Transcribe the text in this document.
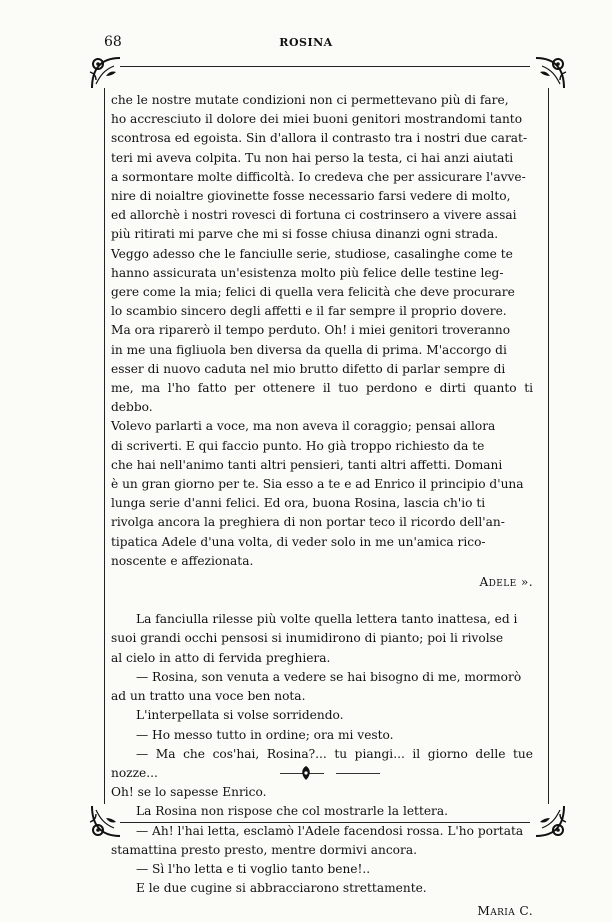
68	ROSINA

che le nostre mutate condizioni non ci permettevano più di fare,

ho accresciuto il dolore dei miei buoni genitori mostrandomi tanto

scontrosa ed egoista. Sin d'allora il contrasto tra i nostri due carat-

teri mi aveva colpita. Tu non hai perso la testa, ci hai anzi aiutati

a sormontare molte difficoltà. Io credeva che per assicurare l'avve-

nire di noialtre giovinette fosse necessario farsi vedere di molto,

ed allorchè i nostri rovesci di fortuna ci costrinsero a vivere assai

più ritirati mi parve che mi si fosse chiusa dinanzi ogni strada.

Veggo adesso che le fanciulle serie, studiose, casalinghe come te

hanno assicurata un'esistenza molto più felice delle testine leg-

gere come la mia; felici di quella vera felicità che deve procurare

lo scambio sincero degli affetti e il far sempre il proprio dovere.

Ma ora riparerò il tempo perduto. Oh! i miei genitori troveranno

in me una figliuola ben diversa da quella di prima. M'accorgo di

esser di nuovo caduta nel mio brutto difetto di parlar sempre di

me, ma l'ho fatto per ottenere il tuo perdono e dirti quanto ti debbo.

Volevo parlarti a voce, ma non aveva il coraggio; pensai allora

di scriverti. E qui faccio punto. Ho già troppo richiesto da te

che hai nell'animo tanti altri pensieri, tanti altri affetti. Domani

è un gran giorno per te. Sia esso a te e ad Enrico il principio d'una

lunga serie d'anni felici. Ed ora, buona Rosina, lascia ch'io ti

rivolga ancora la preghiera di non portar teco il ricordo dell'an-

tipatica Adele d'una volta, di veder solo in me un'amica rico-

noscente e affezionata.

Adele ».

La fanciulla rilesse più volte quella lettera tanto inattesa, ed i

suoi grandi occhi pensosi si inumidirono di pianto; poi li rivolse

al cielo in atto di fervida preghiera.

— Rosina, son venuta a vedere se hai bisogno di me, mormorò

ad un tratto una voce ben nota.

L'interpellata si volse sorridendo.

— Ho messo tutto in ordine; ora mi vesto.

— Ma che cos'hai, Rosina?... tu piangi... il giorno delle tue nozze...

Oh! se lo sapesse Enrico.

La Rosina non rispose che col mostrarle la lettera.

— Ah! l'hai letta, esclamò l'Adele facendosi rossa. L'ho portata

stamattina presto presto, mentre dormivi ancora.

— Sì l'ho letta e ti voglio tanto bene!..

E le due cugine si abbracciarono strettamente.

Maria C.
